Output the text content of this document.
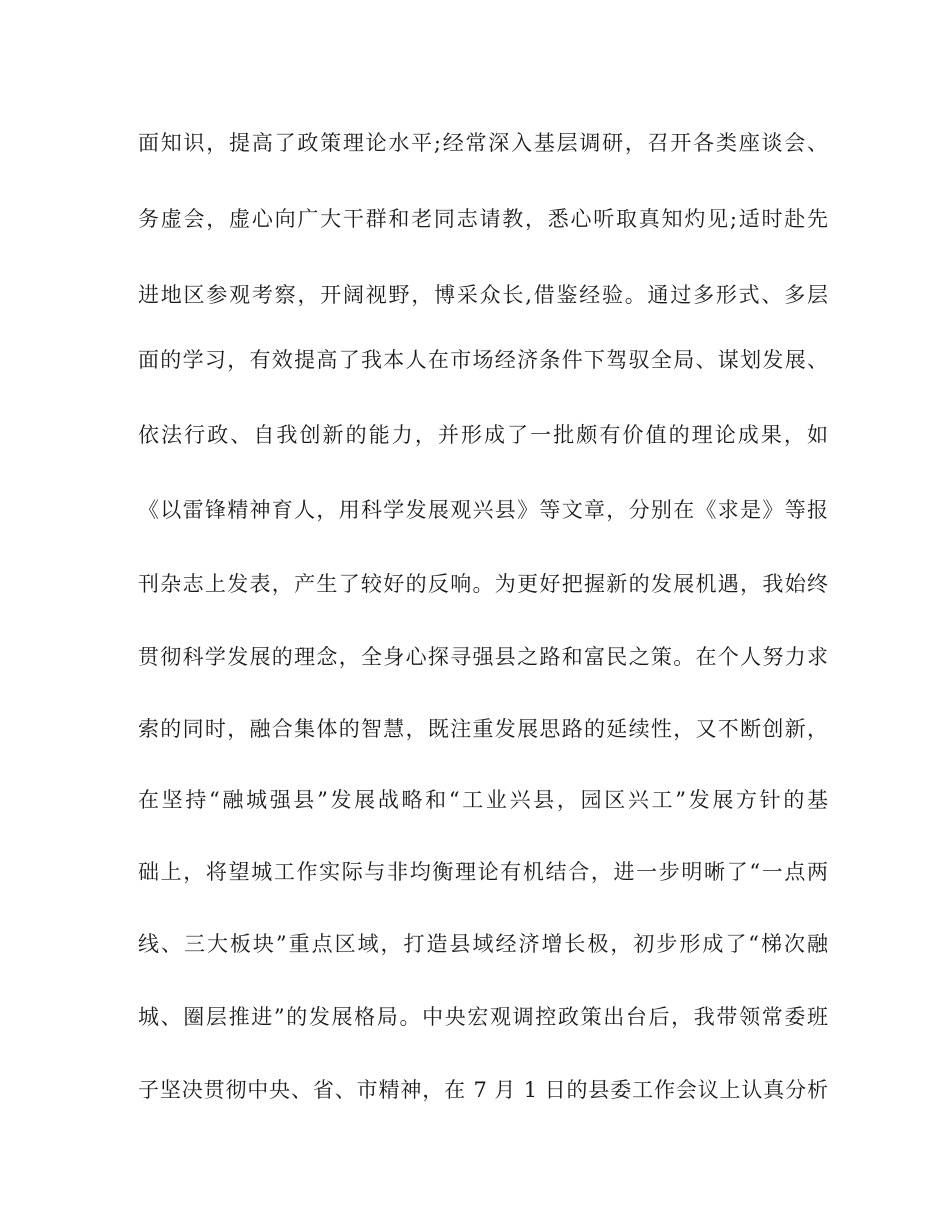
面知识，提高了政策理论水平;经常深入基层调研，召开各类座谈会、
务虚会，虚心向广大干群和老同志请教，悉心听取真知灼见;适时赴先
进地区参观考察，开阔视野，博采众长,借鉴经验。通过多形式、多层
面的学习，有效提高了我本人在市场经济条件下驾驭全局、谋划发展、
依法行政、自我创新的能力，并形成了一批颇有价值的理论成果，如
《以雷锋精神育人，用科学发展观兴县》等文章，分别在《求是》等报
刊杂志上发表，产生了较好的反响。为更好把握新的发展机遇，我始终
贯彻科学发展的理念，全身心探寻强县之路和富民之策。在个人努力求
索的同时，融合集体的智慧，既注重发展思路的延续性，又不断创新，
在坚持“融城强县”发展战略和“工业兴县，园区兴工”发展方针的基
础上，将望城工作实际与非均衡理论有机结合，进一步明晰了“一点两
线、三大板块”重点区域，打造县域经济增长极，初步形成了“梯次融
城、圈层推进”的发展格局。中央宏观调控政策出台后，我带领常委班
子坚决贯彻中央、省、市精神，在 7 月 1 日的县委工作会议上认真分析
